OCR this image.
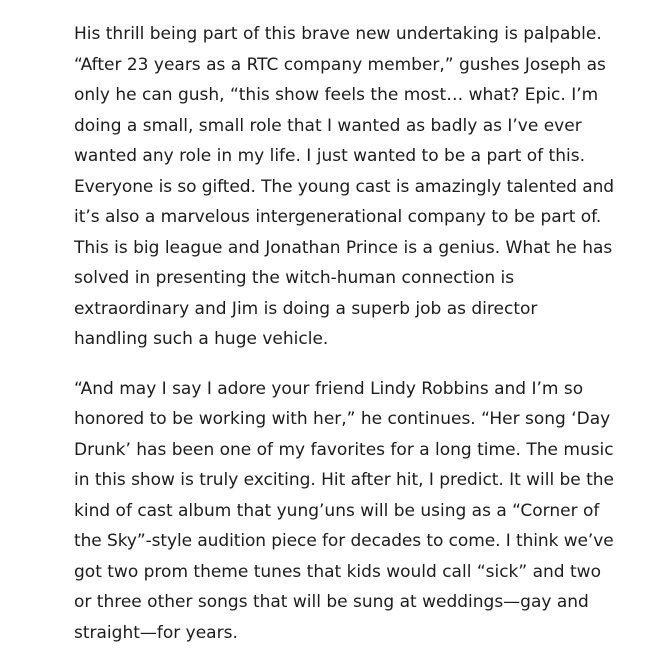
His thrill being part of this brave new undertaking is palpable.
“After 23 years as a RTC company member,” gushes Joseph as
only he can gush, “this show feels the most… what? Epic. I’m
doing a small, small role that I wanted as badly as I’ve ever
wanted any role in my life. I just wanted to be a part of this.
Everyone is so gifted. The young cast is amazingly talented and
it’s also a marvelous intergenerational company to be part of.
This is big league and Jonathan Prince is a genius. What he has
solved in presenting the witch-human connection is
extraordinary and Jim is doing a superb job as director
handling such a huge vehicle.

“And may I say I adore your friend Lindy Robbins and I’m so
honored to be working with her,” he continues. “Her song ‘Day
Drunk’ has been one of my favorites for a long time. The music
in this show is truly exciting. Hit after hit, I predict. It will be the
kind of cast album that yung’uns will be using as a “Corner of
the Sky”-style audition piece for decades to come. I think we’ve
got two prom theme tunes that kids would call “sick” and two
or three other songs that will be sung at weddings—gay and
straight—for years.
